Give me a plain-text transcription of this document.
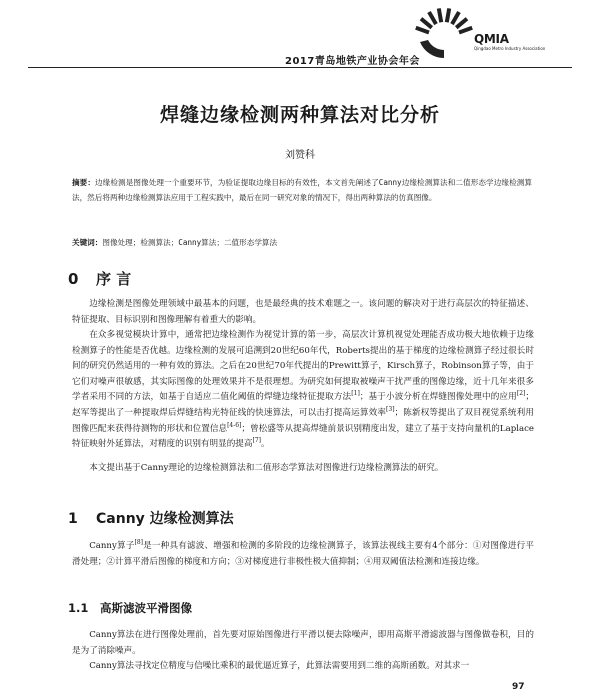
2017青岛地铁产业协会年会
QMIA
Qingdao Metro Industry Association
焊缝边缘检测两种算法对比分析
刘赞科
摘要：边缘检测是图像处理一个重要环节，为验证提取边缘目标的有效性，本文首先阐述了Canny边缘检测算法和二值形态学边缘检测算法，然后将两种边缘检测算法应用于工程实践中，最后在同一研究对象的情况下，得出两种算法的仿真图像。
关键词：图像处理；检测算法；Canny算法；二值形态学算法
0 序 言
边缘检测是图像处理领域中最基本的问题，也是最经典的技术难题之一。该问题的解决对于进行高层次的特征描述、特征提取、目标识别和图像理解有着重大的影响。
在众多视觉模块计算中，通常把边缘检测作为视觉计算的第一步，高层次计算机视觉处理能否成功极大地依赖于边缘检测算子的性能是否优越。边缘检测的发展可追溯到20世纪60年代，Roberts提出的基于梯度的边缘检测算子经过很长时间的研究仍然适用的一种有效的算法。之后在20世纪70年代提出的Prewitt算子，Kirsch算子，Robinson算子等，由于它们对噪声很敏感，其实际图像的处理效果并不是很理想。为研究如何提取被噪声干扰严重的图像边缘，近十几年来很多学者采用不同的方法，如基于自适应二值化阈值的焊缝边缘特征提取方法[1]；基于小波分析在焊缝图像处理中的应用[2]；赵军等提出了一种提取焊后焊缝结构光特征线的快速算法，可以击打提高运算效率[3]；陈新权等提出了双目视觉系统利用图像匹配来获得待测物的形状和位置信息[4-6]；曾松盛等从提高焊缝前景识别精度出发，建立了基于支持向量机的Laplace特征映射外延算法，对精度的识别有明显的提高[7]。
本文提出基于Canny理论的边缘检测算法和二值形态学算法对图像进行边缘检测算法的研究。
1 Canny 边缘检测算法
Canny算子[8]是一种具有滤波、增强和检测的多阶段的边缘检测算子，该算法视线主要有4个部分：①对图像进行平滑处理；②计算平滑后图像的梯度和方向；③对梯度进行非极性极大值抑制；④用双阈值法检测和连接边缘。
1.1 高斯滤波平滑图像
Canny算法在进行图像处理前，首先要对原始图像进行平滑以便去除噪声，即用高斯平滑滤波器与图像做卷积，目的是为了消除噪声。
Canny算法寻找定位精度与信噪比乘积的最优逼近算子，此算法需要用到二维的高斯函数。对其求一
97
